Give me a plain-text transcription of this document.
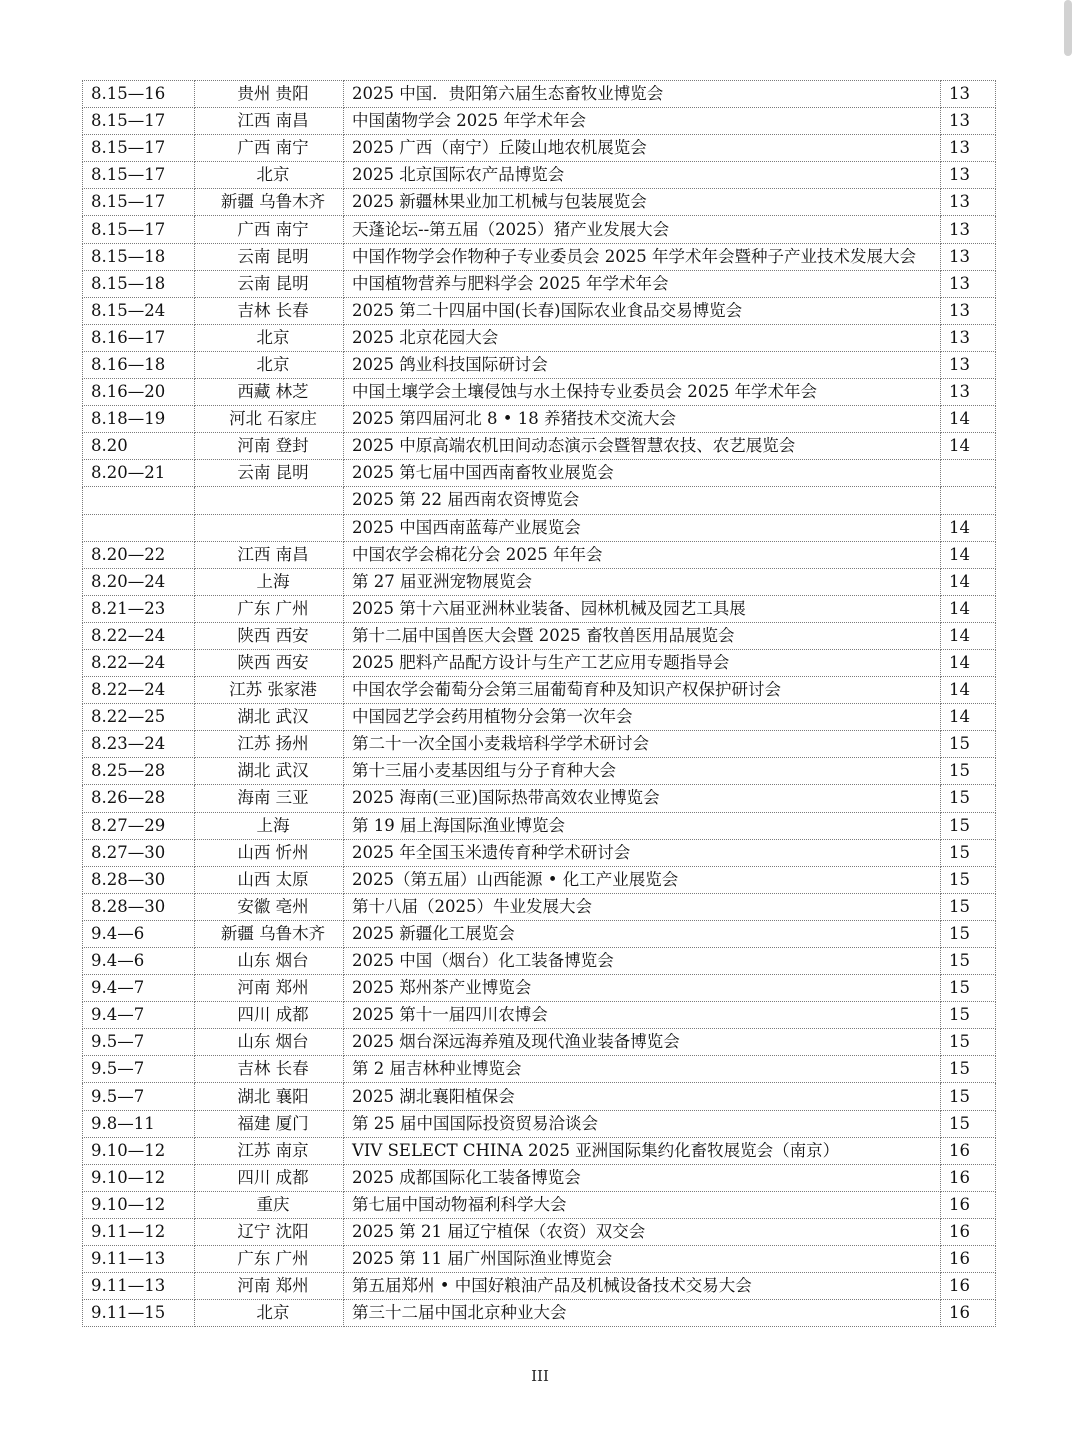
8.15—16	贵州 贵阳	2025 中国．贵阳第六届生态畜牧业博览会	13
8.15—17	江西 南昌	中国菌物学会 2025 年学术年会	13
8.15—17	广西 南宁	2025 广西（南宁）丘陵山地农机展览会	13
8.15—17	北京	2025 北京国际农产品博览会	13
8.15—17	新疆 乌鲁木齐	2025 新疆林果业加工机械与包装展览会	13
8.15—17	广西 南宁	天蓬论坛--第五届（2025）猪产业发展大会	13
8.15—18	云南 昆明	中国作物学会作物种子专业委员会 2025 年学术年会暨种子产业技术发展大会	13
8.15—18	云南 昆明	中国植物营养与肥料学会 2025 年学术年会	13
8.15—24	吉林 长春	2025 第二十四届中国(长春)国际农业食品交易博览会	13
8.16—17	北京	2025 北京花园大会	13
8.16—18	北京	2025 鸽业科技国际研讨会	13
8.16—20	西藏 林芝	中国土壤学会土壤侵蚀与水土保持专业委员会 2025 年学术年会	13
8.18—19	河北 石家庄	2025 第四届河北 8 • 18 养猪技术交流大会	14
8.20	河南 登封	2025 中原高端农机田间动态演示会暨智慧农技、农艺展览会	14
8.20—21	云南 昆明	2025 第七届中国西南畜牧业展览会	
		2025 第 22 届西南农资博览会	
		2025 中国西南蓝莓产业展览会	14
8.20—22	江西 南昌	中国农学会棉花分会 2025 年年会	14
8.20—24	上海	第 27 届亚洲宠物展览会	14
8.21—23	广东 广州	2025 第十六届亚洲林业装备、园林机械及园艺工具展	14
8.22—24	陕西 西安	第十二届中国兽医大会暨 2025 畜牧兽医用品展览会	14
8.22—24	陕西 西安	2025 肥料产品配方设计与生产工艺应用专题指导会	14
8.22—24	江苏 张家港	中国农学会葡萄分会第三届葡萄育种及知识产权保护研讨会	14
8.22—25	湖北 武汉	中国园艺学会药用植物分会第一次年会	14
8.23—24	江苏 扬州	第二十一次全国小麦栽培科学学术研讨会	15
8.25—28	湖北 武汉	第十三届小麦基因组与分子育种大会	15
8.26—28	海南 三亚	2025 海南(三亚)国际热带高效农业博览会	15
8.27—29	上海	第 19 届上海国际渔业博览会	15
8.27—30	山西 忻州	2025 年全国玉米遗传育种学术研讨会	15
8.28—30	山西 太原	2025（第五届）山西能源 • 化工产业展览会	15
8.28—30	安徽 亳州	第十八届（2025）牛业发展大会	15
9.4—6	新疆 乌鲁木齐	2025 新疆化工展览会	15
9.4—6	山东 烟台	2025 中国（烟台）化工装备博览会	15
9.4—7	河南 郑州	2025 郑州茶产业博览会	15
9.4—7	四川 成都	2025 第十一届四川农博会	15
9.5—7	山东 烟台	2025 烟台深远海养殖及现代渔业装备博览会	15
9.5—7	吉林 长春	第 2 届吉林种业博览会	15
9.5—7	湖北 襄阳	2025 湖北襄阳植保会	15
9.8—11	福建 厦门	第 25 届中国国际投资贸易洽谈会	15
9.10—12	江苏 南京	VIV SELECT CHINA 2025 亚洲国际集约化畜牧展览会（南京）	16
9.10—12	四川 成都	2025 成都国际化工装备博览会	16
9.10—12	重庆	第七届中国动物福利科学大会	16
9.11—12	辽宁 沈阳	2025 第 21 届辽宁植保（农资）双交会	16
9.11—13	广东 广州	2025 第 11 届广州国际渔业博览会	16
9.11—13	河南 郑州	第五届郑州 • 中国好粮油产品及机械设备技术交易大会	16
9.11—15	北京	第三十二届中国北京种业大会	16
III
